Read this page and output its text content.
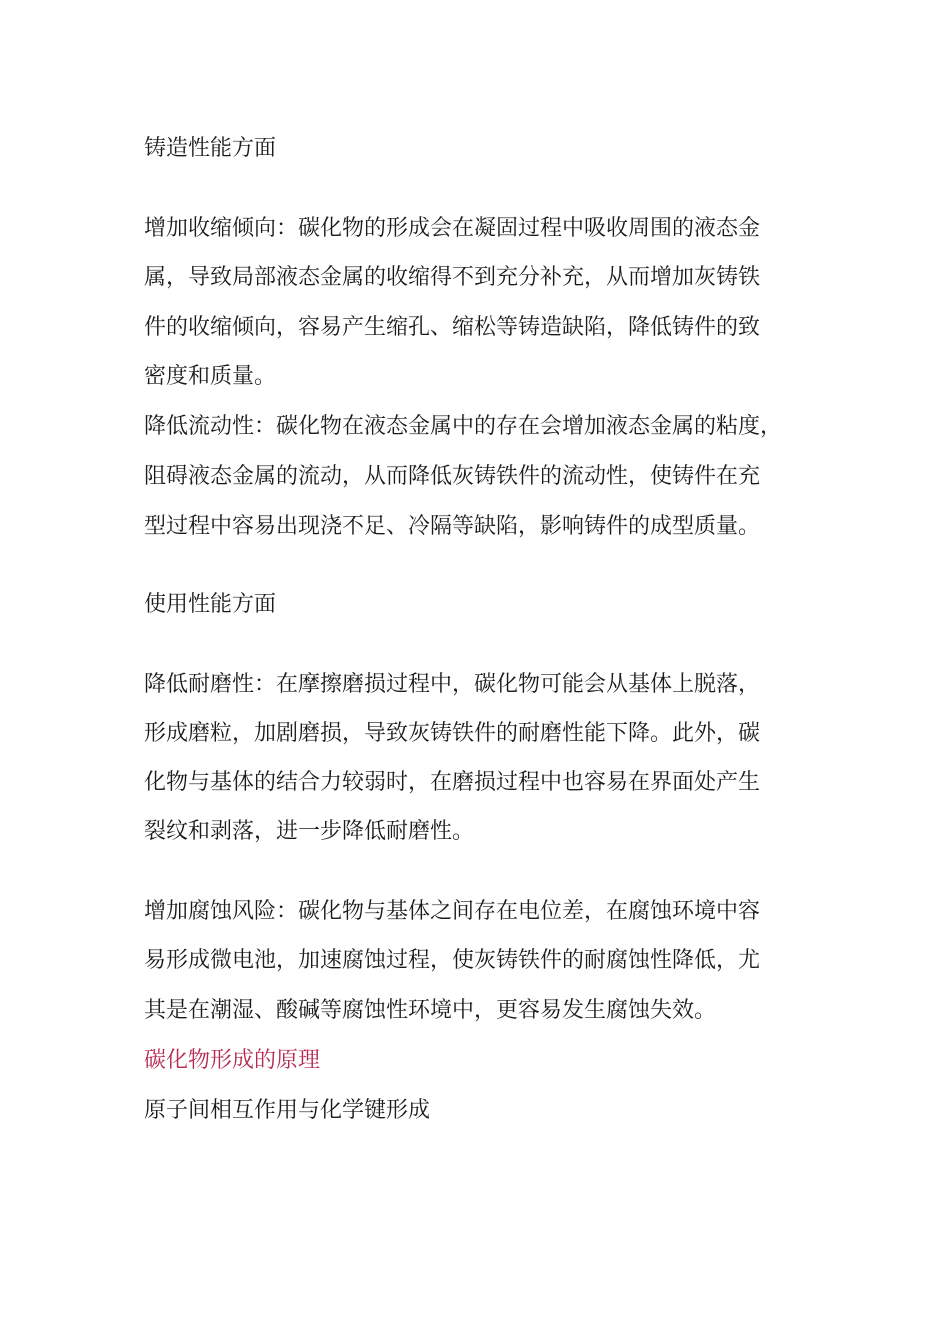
铸造性能方面

增加收缩倾向：碳化物的形成会在凝固过程中吸收周围的液态金

属，导致局部液态金属的收缩得不到充分补充，从而增加灰铸铁

件的收缩倾向，容易产生缩孔、缩松等铸造缺陷，降低铸件的致

密度和质量。

降低流动性：碳化物在液态金属中的存在会增加液态金属的粘度，

阻碍液态金属的流动，从而降低灰铸铁件的流动性，使铸件在充

型过程中容易出现浇不足、冷隔等缺陷，影响铸件的成型质量。

使用性能方面

降低耐磨性：在摩擦磨损过程中，碳化物可能会从基体上脱落，

形成磨粒，加剧磨损，导致灰铸铁件的耐磨性能下降。此外，碳

化物与基体的结合力较弱时，在磨损过程中也容易在界面处产生

裂纹和剥落，进一步降低耐磨性。

增加腐蚀风险：碳化物与基体之间存在电位差，在腐蚀环境中容

易形成微电池，加速腐蚀过程，使灰铸铁件的耐腐蚀性降低，尤

其是在潮湿、酸碱等腐蚀性环境中，更容易发生腐蚀失效。

碳化物形成的原理

原子间相互作用与化学键形成
